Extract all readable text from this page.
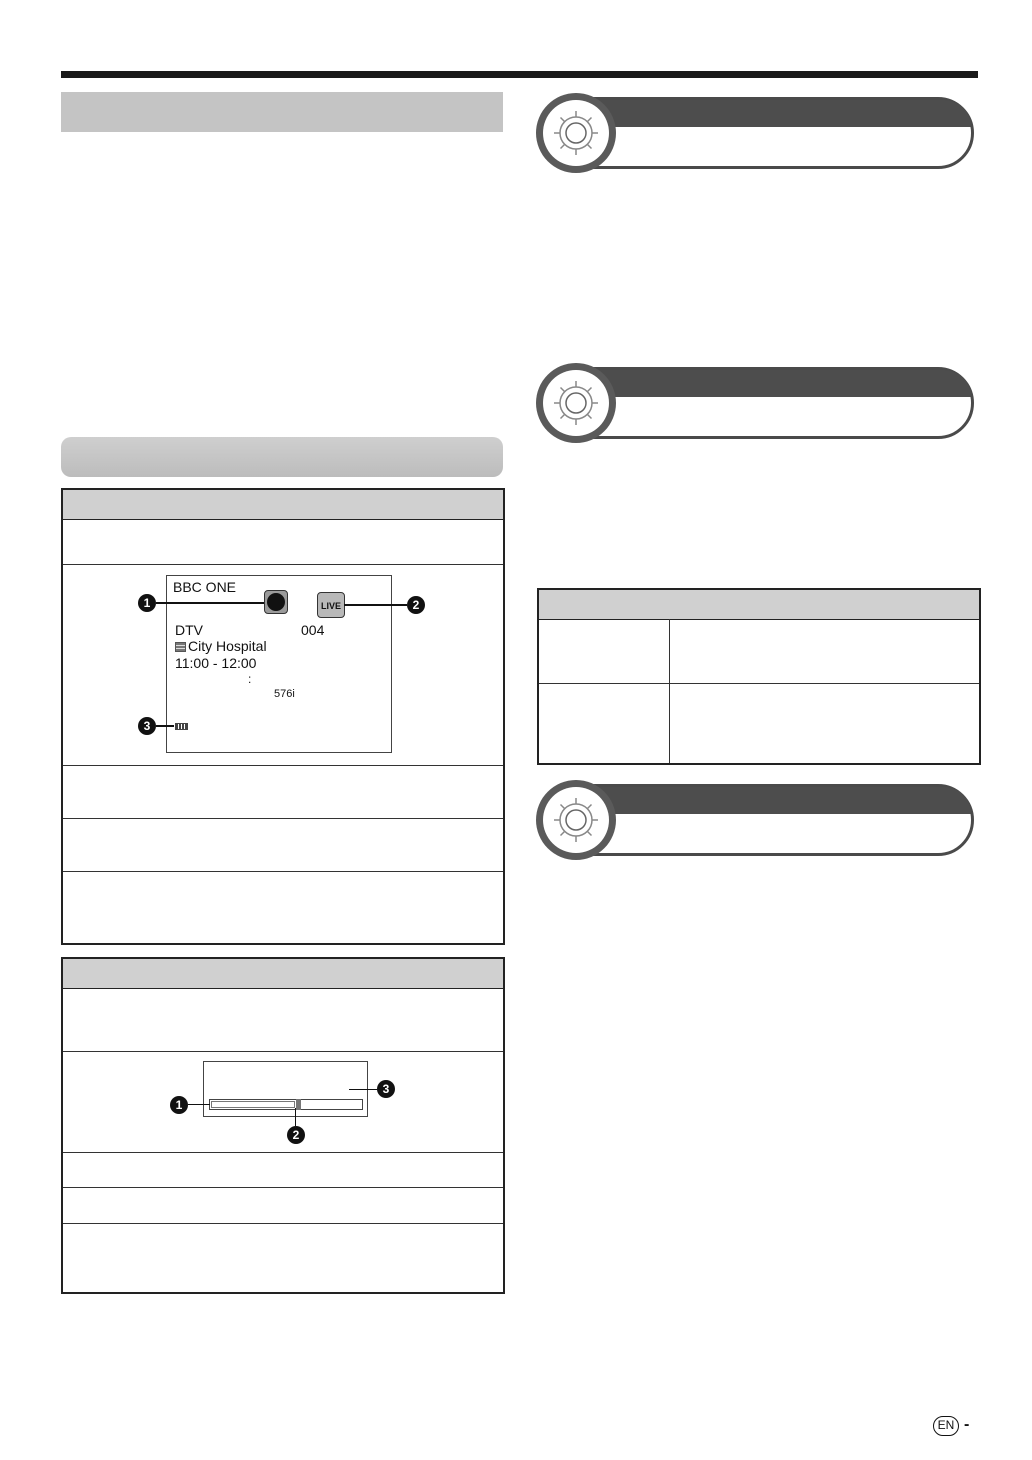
BBC ONE
LIVE
DTV	004
City Hospital
11:00 - 12:00
:
576i
1	2
3
1
2
3
EN -
